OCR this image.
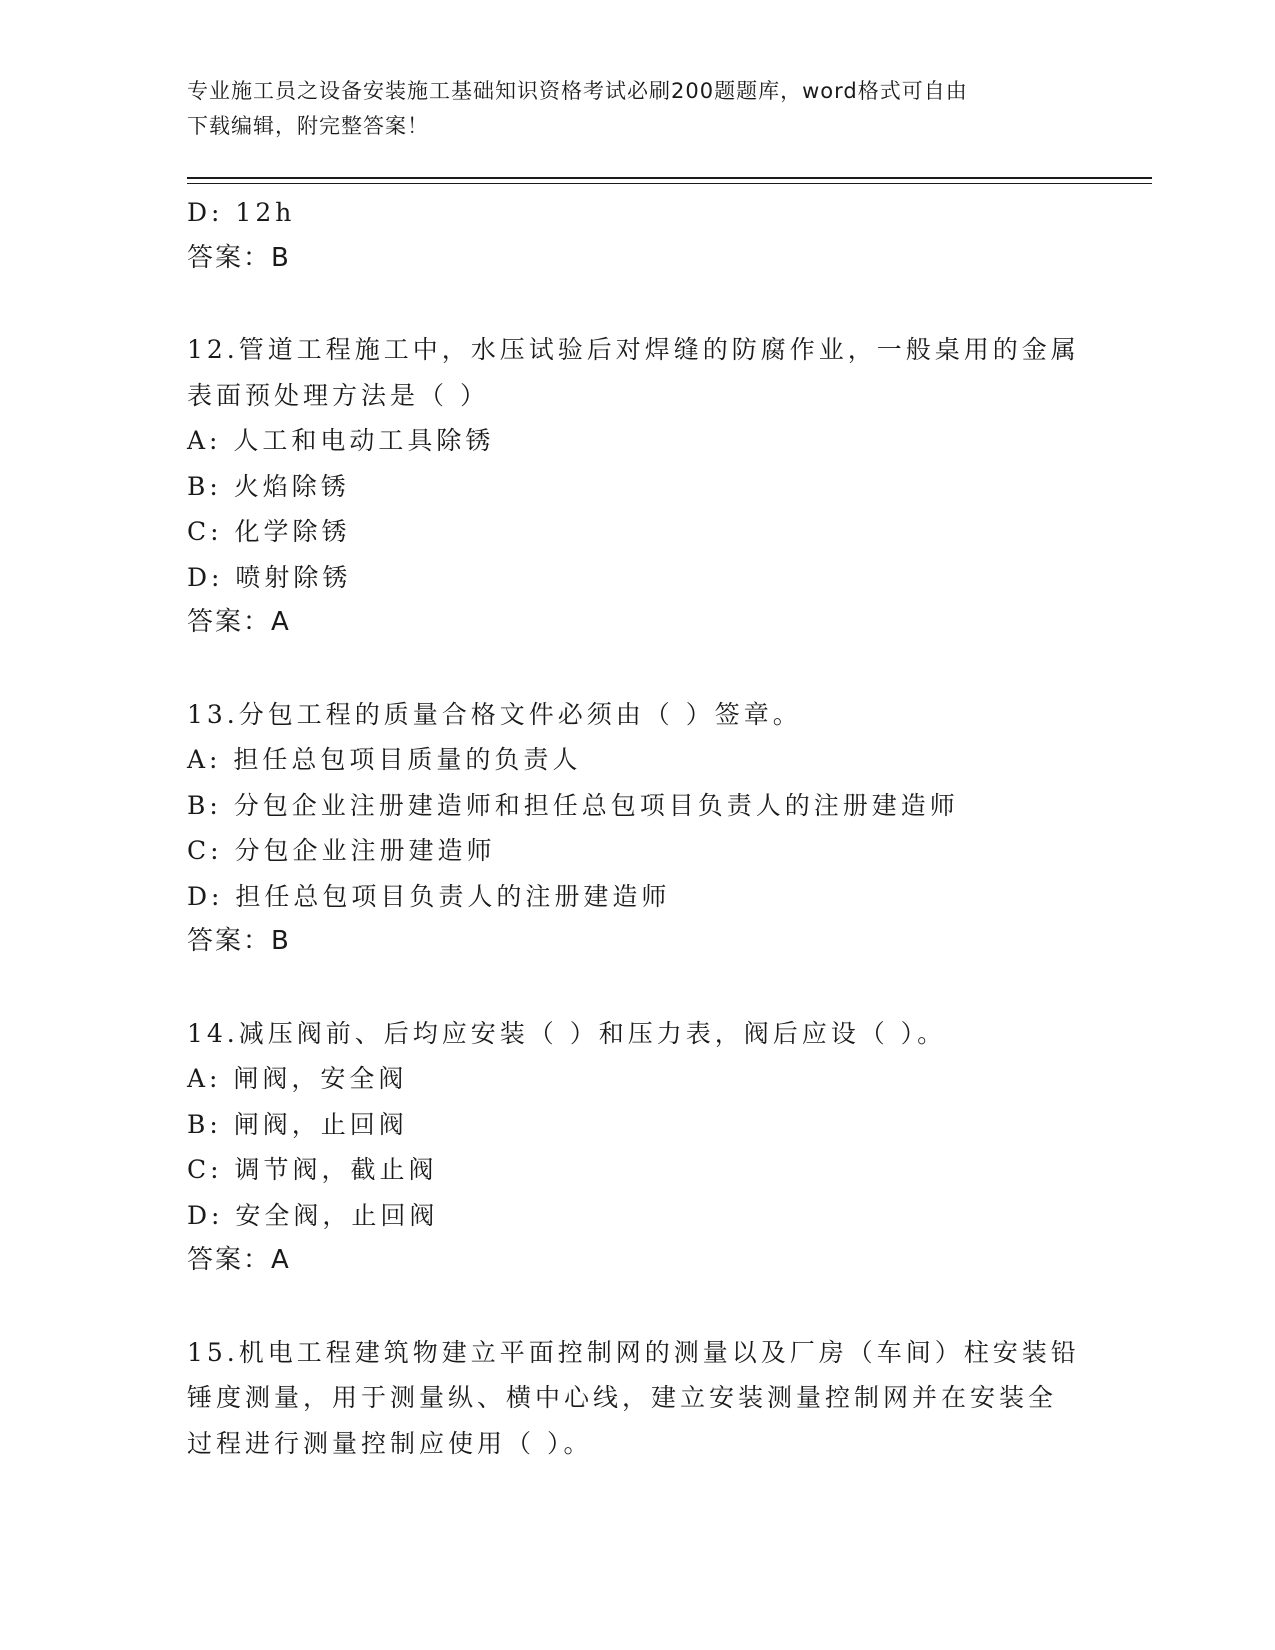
专业施工员之设备安装施工基础知识资格考试必刷200题题库，word格式可自由
下载编辑，附完整答案！
D: 12h
答案：B
12.管道工程施工中，水压试验后对焊缝的防腐作业，一般桌用的金属
表面预处理方法是（ ）
A: 人工和电动工具除锈
B: 火焰除锈
C: 化学除锈
D: 喷射除锈
答案：A
13.分包工程的质量合格文件必须由（ ）签章。
A: 担任总包项目质量的负责人
B: 分包企业注册建造师和担任总包项目负责人的注册建造师
C: 分包企业注册建造师
D: 担任总包项目负责人的注册建造师
答案：B
14.减压阀前、后均应安装（ ）和压力表，阀后应设（ ）。
A: 闸阀，安全阀
B: 闸阀，止回阀
C: 调节阀，截止阀
D: 安全阀，止回阀
答案：A
15.机电工程建筑物建立平面控制网的测量以及厂房（车间）柱安装铅
锤度测量，用于测量纵、横中心线，建立安装测量控制网并在安装全
过程进行测量控制应使用（ ）。
